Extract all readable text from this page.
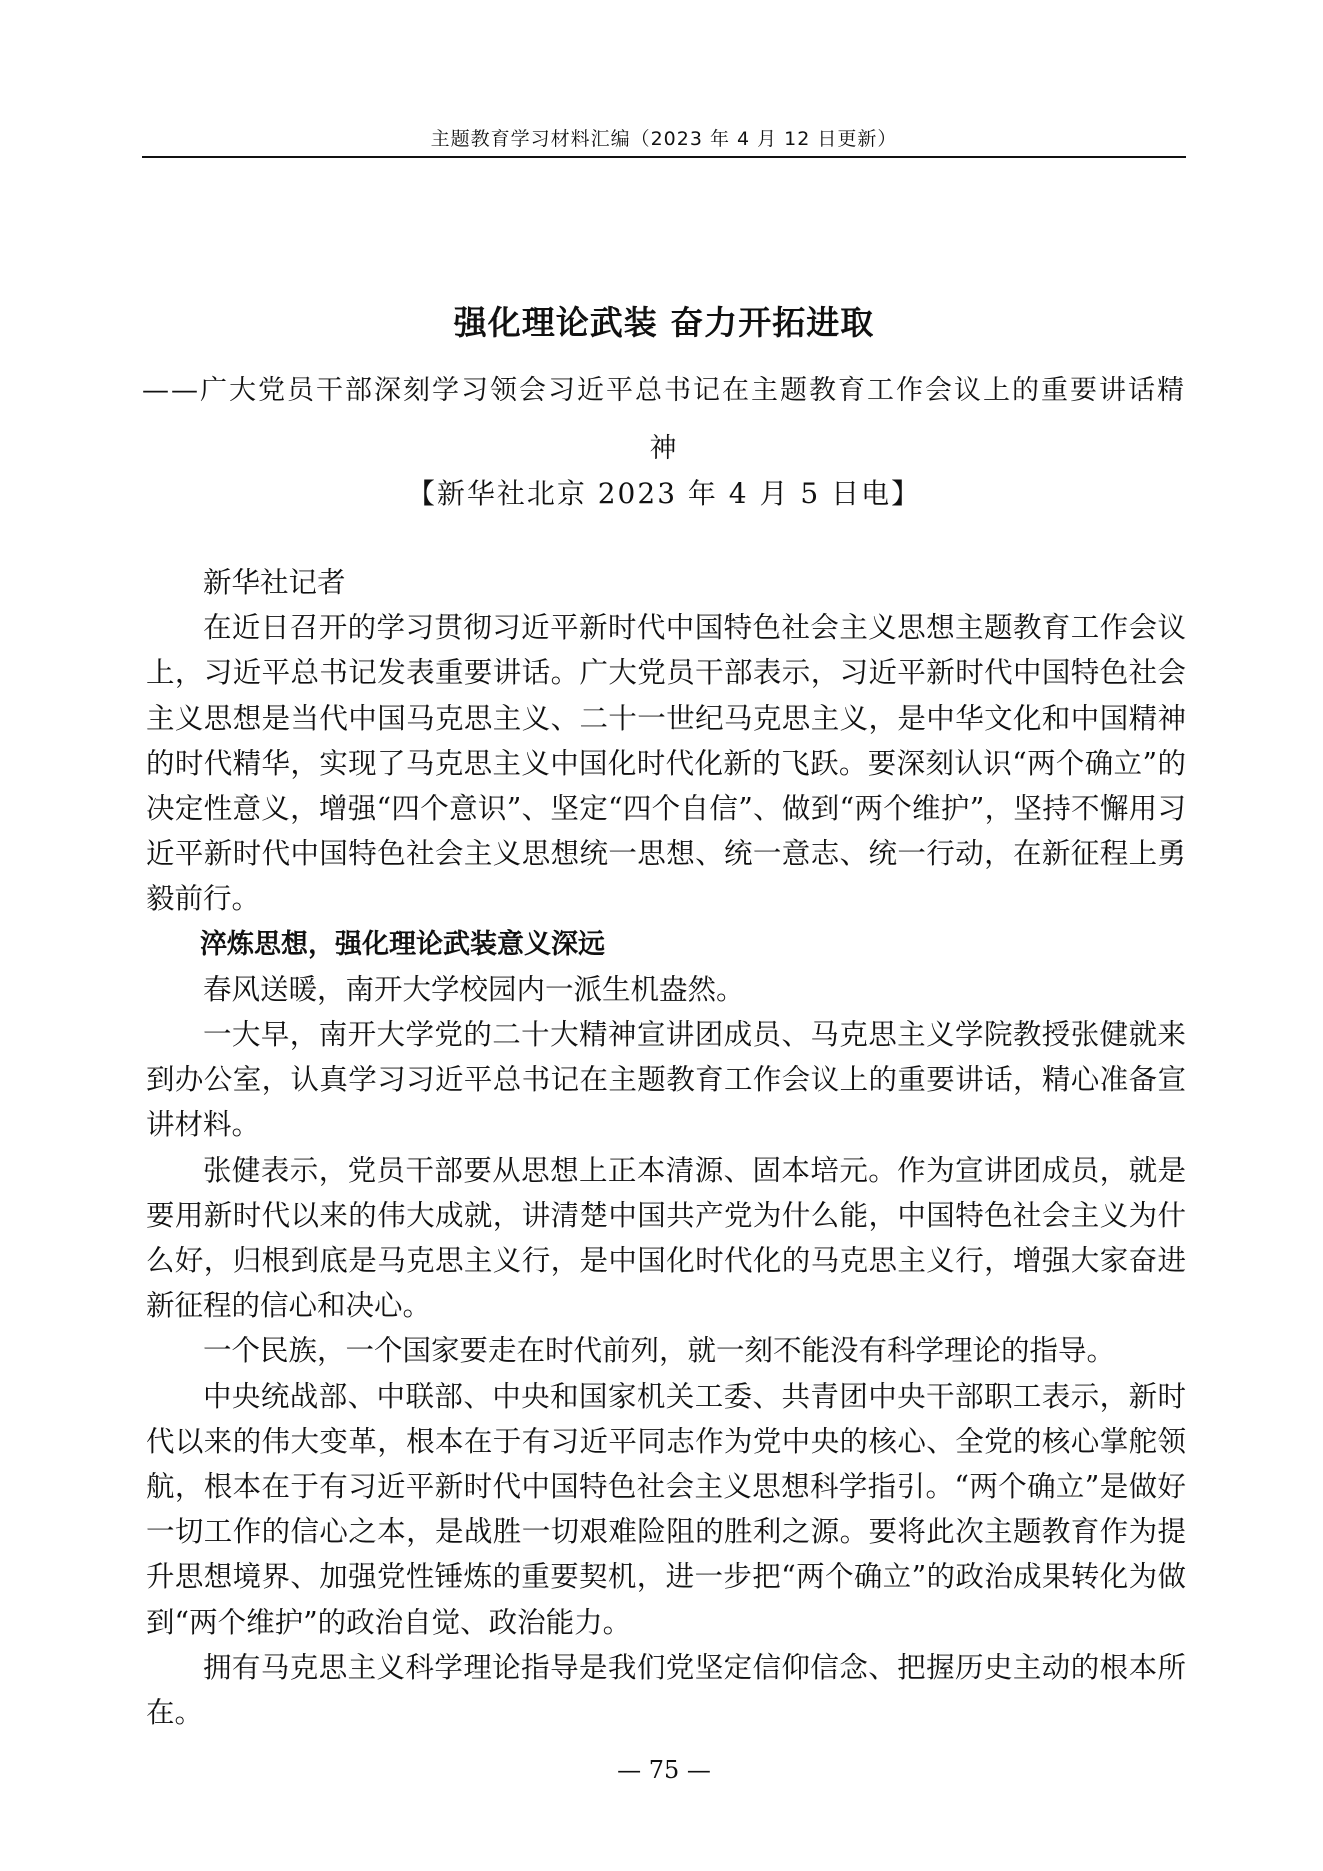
主题教育学习材料汇编（2023 年 4 月 12 日更新）
强化理论武装 奋力开拓进取
——广大党员干部深刻学习领会习近平总书记在主题教育工作会议上的重要讲话精神
【新华社北京 2023 年 4 月 5 日电】

新华社记者

在近日召开的学习贯彻习近平新时代中国特色社会主义思想主题教育工作会议上，习近平总书记发表重要讲话。广大党员干部表示，习近平新时代中国特色社会主义思想是当代中国马克思主义、二十一世纪马克思主义，是中华文化和中国精神的时代精华，实现了马克思主义中国化时代化新的飞跃。要深刻认识“两个确立”的决定性意义，增强“四个意识”、坚定“四个自信”、做到“两个维护”，坚持不懈用习近平新时代中国特色社会主义思想统一思想、统一意志、统一行动，在新征程上勇毅前行。

淬炼思想，强化理论武装意义深远

春风送暖，南开大学校园内一派生机盎然。

一大早，南开大学党的二十大精神宣讲团成员、马克思主义学院教授张健就来到办公室，认真学习习近平总书记在主题教育工作会议上的重要讲话，精心准备宣讲材料。

张健表示，党员干部要从思想上正本清源、固本培元。作为宣讲团成员，就是要用新时代以来的伟大成就，讲清楚中国共产党为什么能，中国特色社会主义为什么好，归根到底是马克思主义行，是中国化时代化的马克思主义行，增强大家奋进新征程的信心和决心。

一个民族，一个国家要走在时代前列，就一刻不能没有科学理论的指导。

中央统战部、中联部、中央和国家机关工委、共青团中央干部职工表示，新时代以来的伟大变革，根本在于有习近平同志作为党中央的核心、全党的核心掌舵领航，根本在于有习近平新时代中国特色社会主义思想科学指引。“两个确立”是做好一切工作的信心之本，是战胜一切艰难险阻的胜利之源。要将此次主题教育作为提升思想境界、加强党性锤炼的重要契机，进一步把“两个确立”的政治成果转化为做到“两个维护”的政治自觉、政治能力。

拥有马克思主义科学理论指导是我们党坚定信仰信念、把握历史主动的根本所在。

— 75 —
